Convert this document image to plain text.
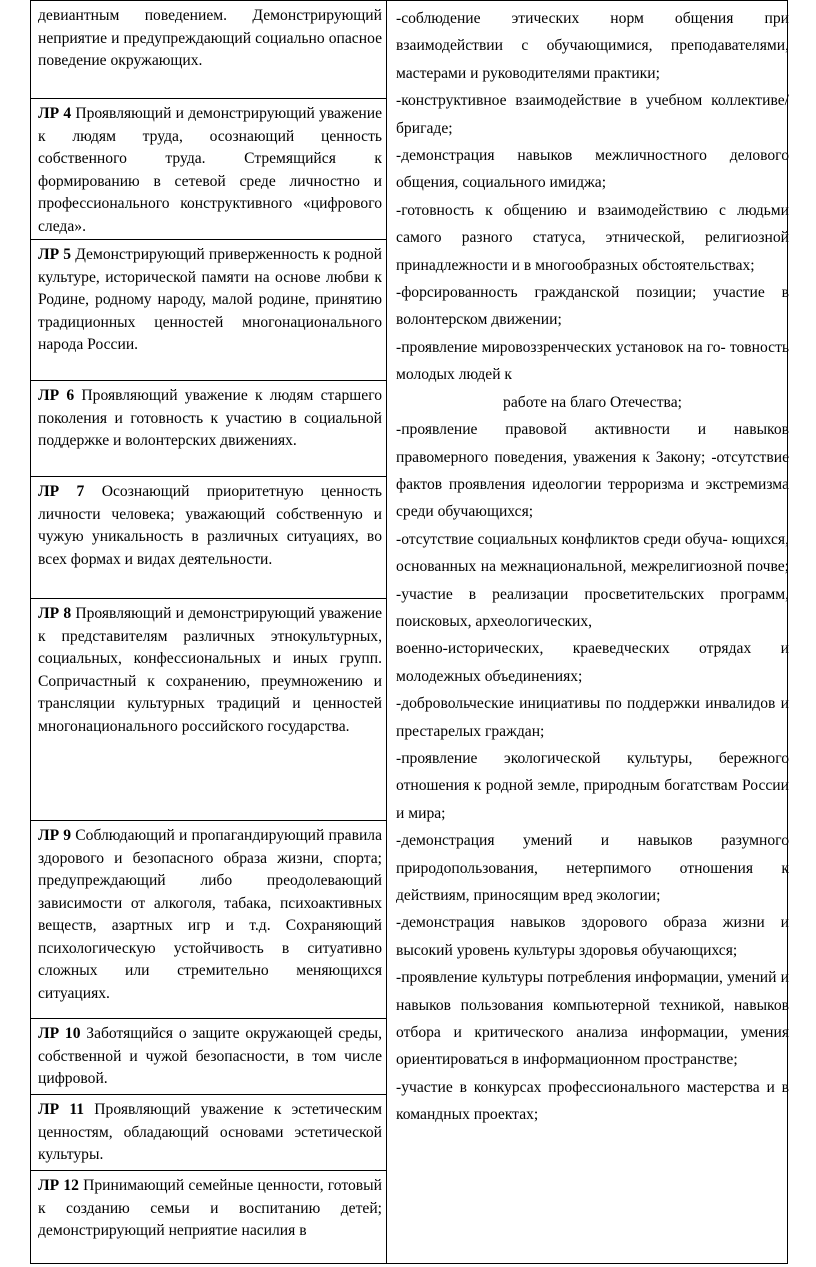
девиантным поведением. Демонстрирующий неприятие и предупреждающий социально опасное поведение окружающих.
ЛР 4 Проявляющий и демонстрирующий уважение к людям труда, осознающий ценность собственного труда. Стремящийся к формированию в сетевой среде личностно и профессионального конструктивного «цифрового следа».
ЛР 5 Демонстрирующий приверженность к родной культуре, исторической памяти на основе любви к Родине, родному народу, малой родине, принятию традиционных ценностей многонационального народа России.
ЛР 6 Проявляющий уважение к людям старшего поколения и готовность к участию в социальной поддержке и волонтерских движениях.
ЛР 7 Осознающий приоритетную ценность личности человека; уважающий собственную и чужую уникальность в различных ситуациях, во всех формах и видах деятельности.
ЛР 8 Проявляющий и демонстрирующий уважение к представителям различных этнокультурных, социальных, конфессиональных и иных групп. Сопричастный к сохранению, преумножению и трансляции культурных традиций и ценностей многонационального российского государства.
ЛР 9 Соблюдающий и пропагандирующий правила здорового и безопасного образа жизни, спорта; предупреждающий либо преодолевающий зависимости от алкоголя, табака, психоактивных веществ, азартных игр и т.д. Сохраняющий психологическую устойчивость в ситуативно сложных или стремительно меняющихся ситуациях.
ЛР 10 Заботящийся о защите окружающей среды, собственной и чужой безопасности, в том числе цифровой.
ЛР 11 Проявляющий уважение к эстетическим ценностям, обладающий основами эстетической культуры.
ЛР 12 Принимающий семейные ценности, готовый к созданию семьи и воспитанию детей; демонстрирующий неприятие насилия в

-соблюдение этических норм общения при взаимодействии с обучающимися, преподавателями, мастерами и руководителями практики;

-конструктивное взаимодействие в учебном коллективе/бригаде;

-демонстрация навыков межличностного делового общения, социального имиджа;

-готовность к общению и взаимодействию с людьми самого разного статуса, этнической, религиозной принадлежности и в многообразных обстоятельствах;

-форсированность гражданской позиции; участие в волонтерском движении;

-проявление мировоззренческих установок на го- товность молодых людей к

работе на благо Отечества;

-проявление правовой активности и навыков правомерного поведения, уважения к Закону; -отсутствие фактов проявления идеологии терроризма и экстремизма среди обучающихся;

-отсутствие социальных конфликтов среди обуча- ющихся, основанных на межнациональной, межрелигиозной почве; -участие в реализации просветительских программ, поисковых, археологических,

военно-исторических, краеведческих отрядах и молодежных объединениях;

-добровольческие инициативы по поддержки инвалидов и престарелых граждан;

-проявление экологической культуры, бережного отношения к родной земле, природным богатствам России и мира;

-демонстрация умений и навыков разумного природопользования, нетерпимого отношения к действиям, приносящим вред экологии;

-демонстрация навыков здорового образа жизни и высокий уровень культуры здоровья обучающихся;

-проявление культуры потребления информации, умений и навыков пользования компьютерной техникой, навыков отбора и критического анализа информации, умения ориентироваться в информационном пространстве;

-участие в конкурсах профессионального мастерства и в командных проектах;
